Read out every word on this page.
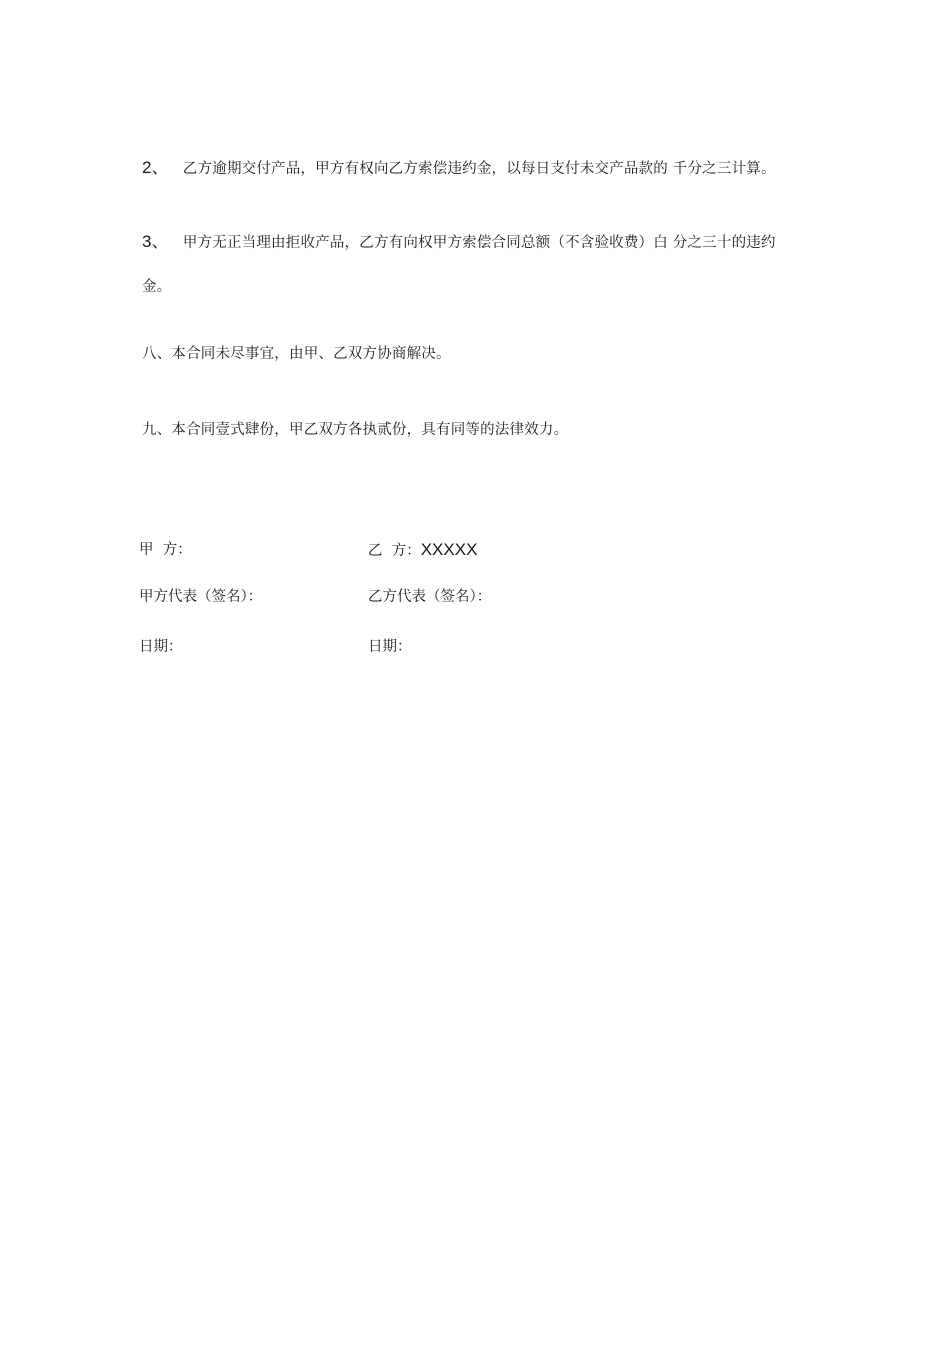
2、 乙方逾期交付产品，甲方有权向乙方索偿违约金，以每日支付未交产品款的 千分之三计算。
3、 甲方无正当理由拒收产品，乙方有向权甲方索偿合同总额（不含验收费）白 分之三十的违约金。
八、本合同未尽事宜，由甲、乙双方协商解决。
九、本合同壹式肆份，甲乙双方各执贰份，具有同等的法律效力。
甲  方：	乙  方：XXXXX
甲方代表（签名）：	乙方代表（签名）：
日期：	日期：
